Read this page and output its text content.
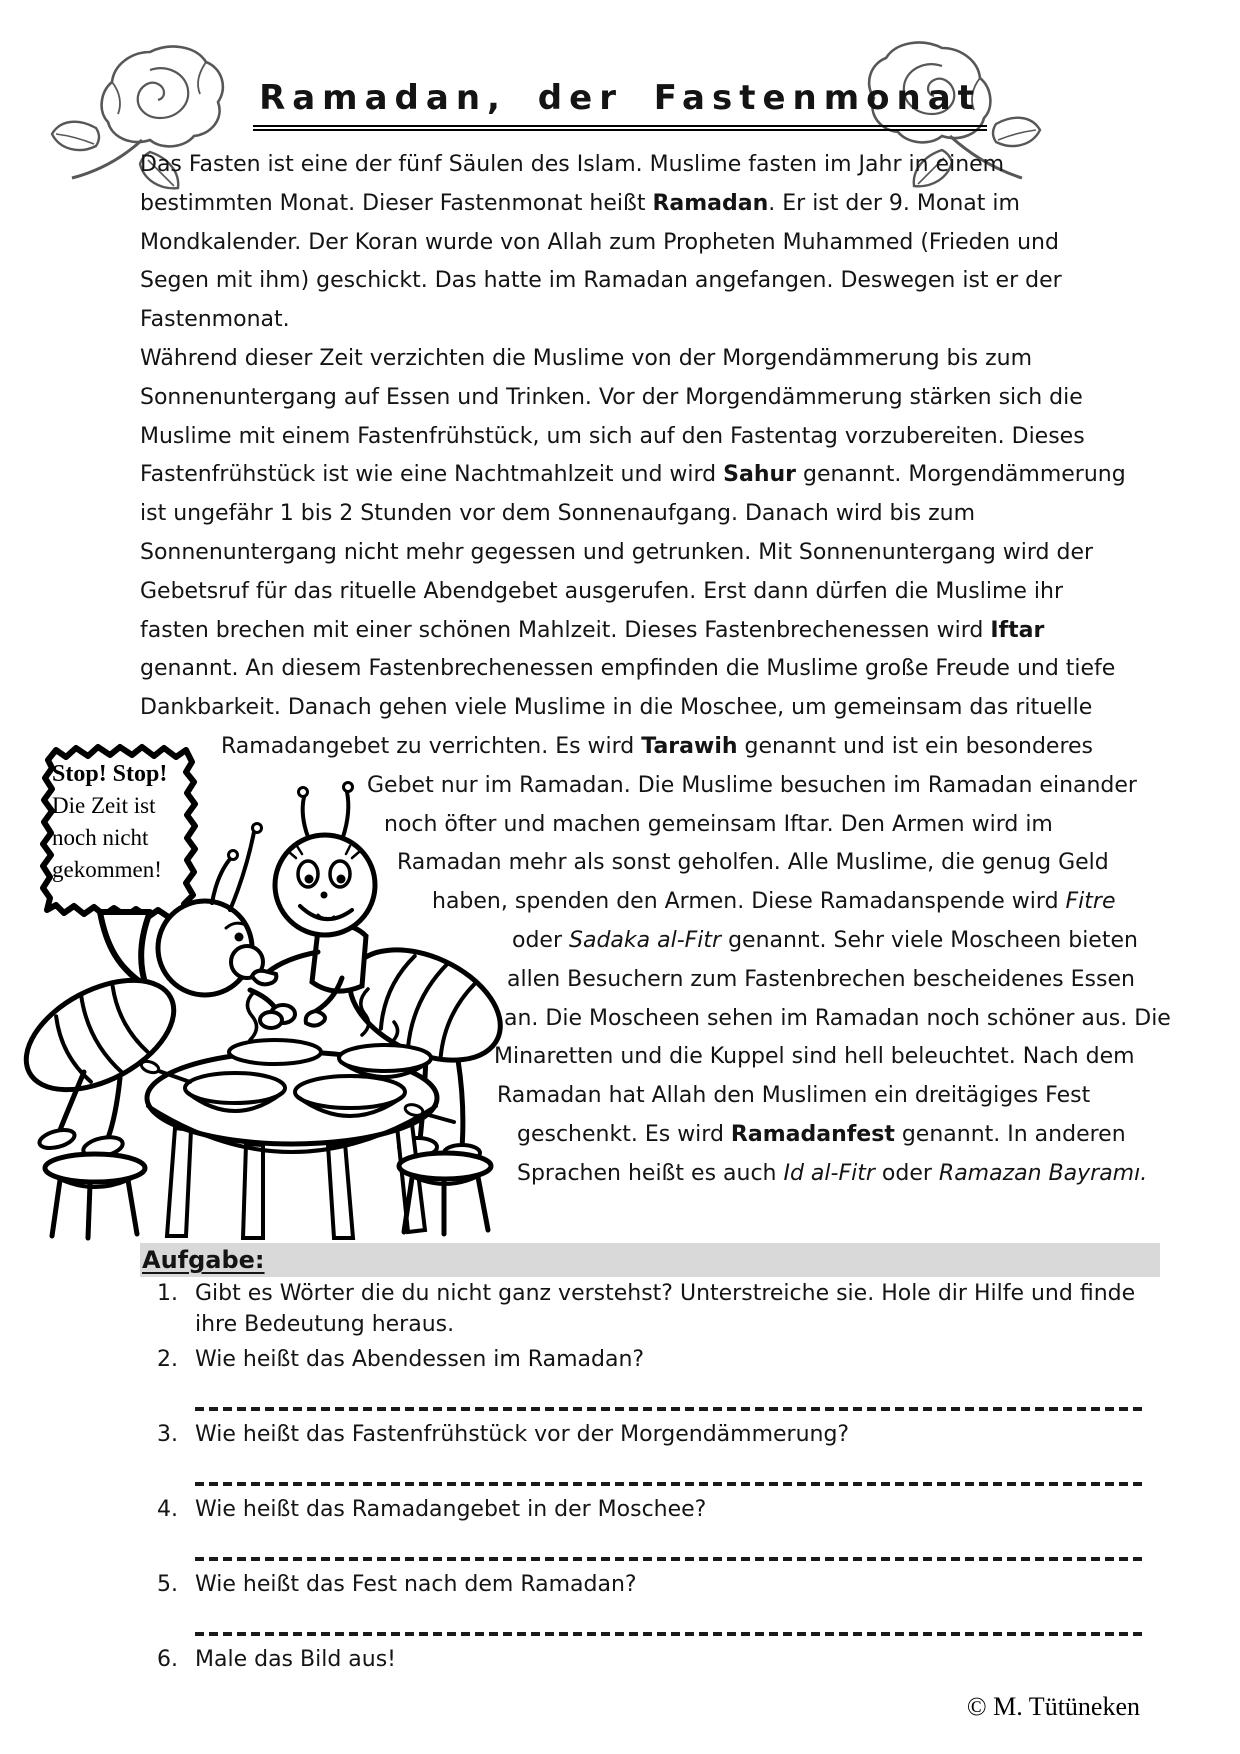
Ramadan, der Fastenmonat
Das Fasten ist eine der fünf Säulen des Islam. Muslime fasten im Jahr in einem
bestimmten Monat. Dieser Fastenmonat heißt Ramadan. Er ist der 9. Monat im
Mondkalender. Der Koran wurde von Allah zum Propheten Muhammed (Frieden und
Segen mit ihm) geschickt. Das hatte im Ramadan angefangen. Deswegen ist er der
Fastenmonat.
Während dieser Zeit verzichten die Muslime von der Morgendämmerung bis zum
Sonnenuntergang auf Essen und Trinken. Vor der Morgendämmerung stärken sich die
Muslime mit einem Fastenfrühstück, um sich auf den Fastentag vorzubereiten. Dieses
Fastenfrühstück ist wie eine Nachtmahlzeit und wird Sahur genannt. Morgendämmerung
ist ungefähr 1 bis 2 Stunden vor dem Sonnenaufgang. Danach wird bis zum
Sonnenuntergang nicht mehr gegessen und getrunken. Mit Sonnenuntergang wird der
Gebetsruf für das rituelle Abendgebet ausgerufen. Erst dann dürfen die Muslime ihr
fasten brechen mit einer schönen Mahlzeit. Dieses Fastenbrechenessen wird Iftar
genannt. An diesem Fastenbrechenessen empfinden die Muslime große Freude und tiefe
Dankbarkeit. Danach gehen viele Muslime in die Moschee, um gemeinsam das rituelle
Ramadangebet zu verrichten. Es wird Tarawih genannt und ist ein besonderes
Gebet nur im Ramadan. Die Muslime besuchen im Ramadan einander
noch öfter und machen gemeinsam Iftar. Den Armen wird im
Ramadan mehr als sonst geholfen. Alle Muslime, die genug Geld
haben, spenden den Armen. Diese Ramadanspende wird Fitre
oder Sadaka al-Fitr genannt. Sehr viele Moscheen bieten
allen Besuchern zum Fastenbrechen bescheidenes Essen
an. Die Moscheen sehen im Ramadan noch schöner aus. Die
Minaretten und die Kuppel sind hell beleuchtet. Nach dem
Ramadan hat Allah den Muslimen ein dreitägiges Fest
geschenkt. Es wird Ramadanfest genannt. In anderen
Sprachen heißt es auch Id al-Fitr oder Ramazan Bayramı.
Stop! Stop!
Die Zeit ist
noch nicht
gekommen!
Aufgabe:
1. Gibt es Wörter die du nicht ganz verstehst? Unterstreiche sie. Hole dir Hilfe und finde
ihre Bedeutung heraus.
2. Wie heißt das Abendessen im Ramadan?
3. Wie heißt das Fastenfrühstück vor der Morgendämmerung?
4. Wie heißt das Ramadangebet in der Moschee?
5. Wie heißt das Fest nach dem Ramadan?
6. Male das Bild aus!
© M. Tütüneken
